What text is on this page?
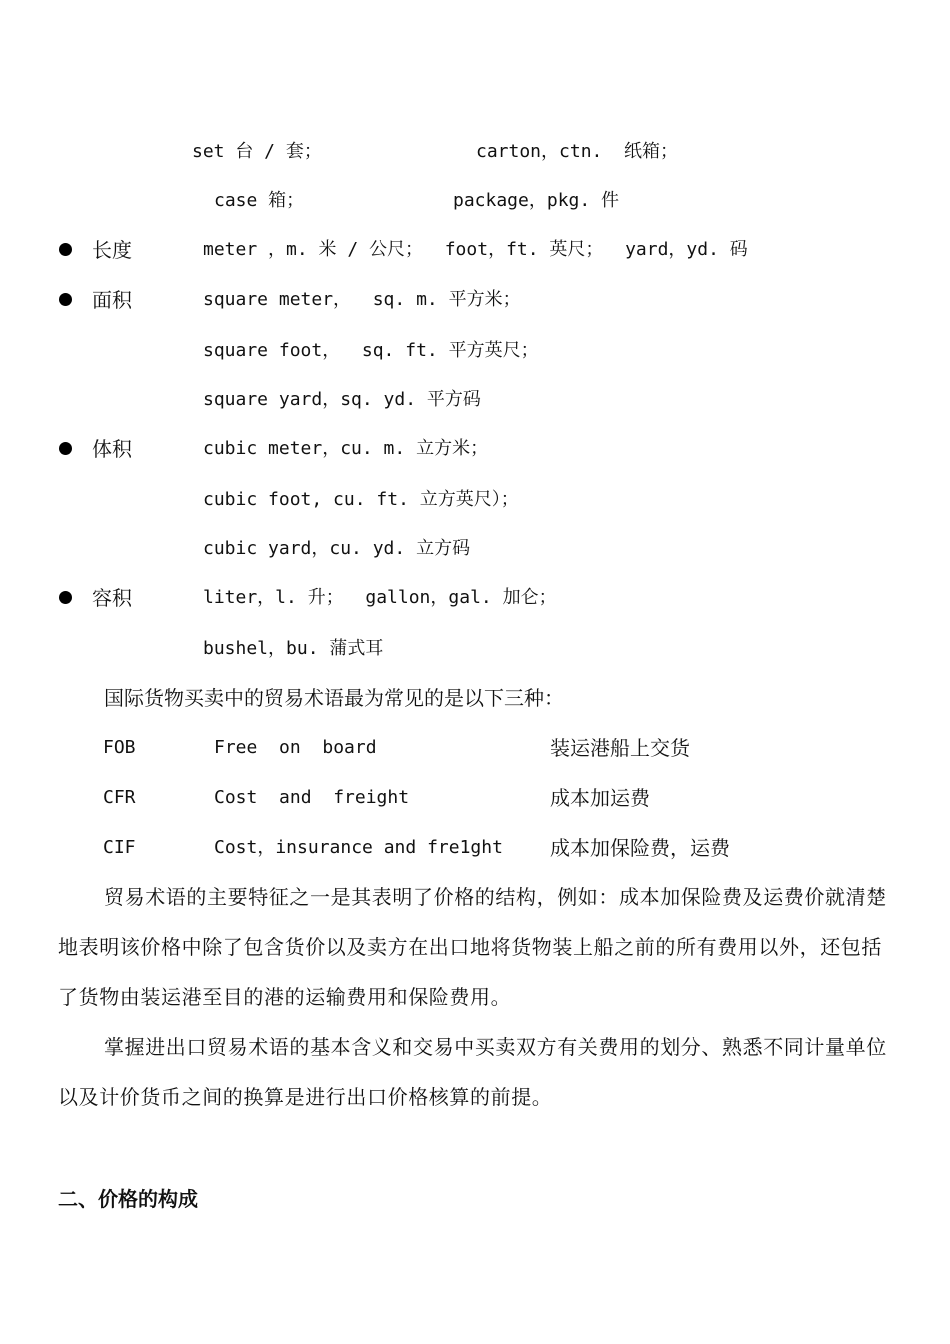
set 台 / 套；	carton，ctn.  纸箱；
case 箱；	package，pkg. 件
长度	meter ，m. 米 / 公尺；  foot，ft. 英尺；  yard，yd. 码
面积	square meter，  sq. m. 平方米；
square foot，  sq. ft. 平方英尺；
square yard，sq. yd. 平方码
体积	cubic meter，cu. m. 立方米；
cubic foot, cu. ft. 立方英尺）；
cubic yard，cu. yd. 立方码
容积	liter，l. 升；  gallon，gal. 加仑；
bushel，bu. 蒲式耳
国际货物买卖中的贸易术语最为常见的是以下三种：
FOB	Free  on  board	装运港船上交货
CFR	Cost  and  freight	成本加运费
CIF	Cost，insurance and fre1ght 成本加保险费，运费
贸易术语的主要特征之一是其表明了价格的结构，例如：成本加保险费及运费价就清楚地表明该价格中除了包含货价以及卖方在出口地将货物装上船之前的所有费用以外，还包括了货物由装运港至目的港的运输费用和保险费用。
掌握进出口贸易术语的基本含义和交易中买卖双方有关费用的划分、熟悉不同计量单位以及计价货币之间的换算是进行出口价格核算的前提。
二、价格的构成
